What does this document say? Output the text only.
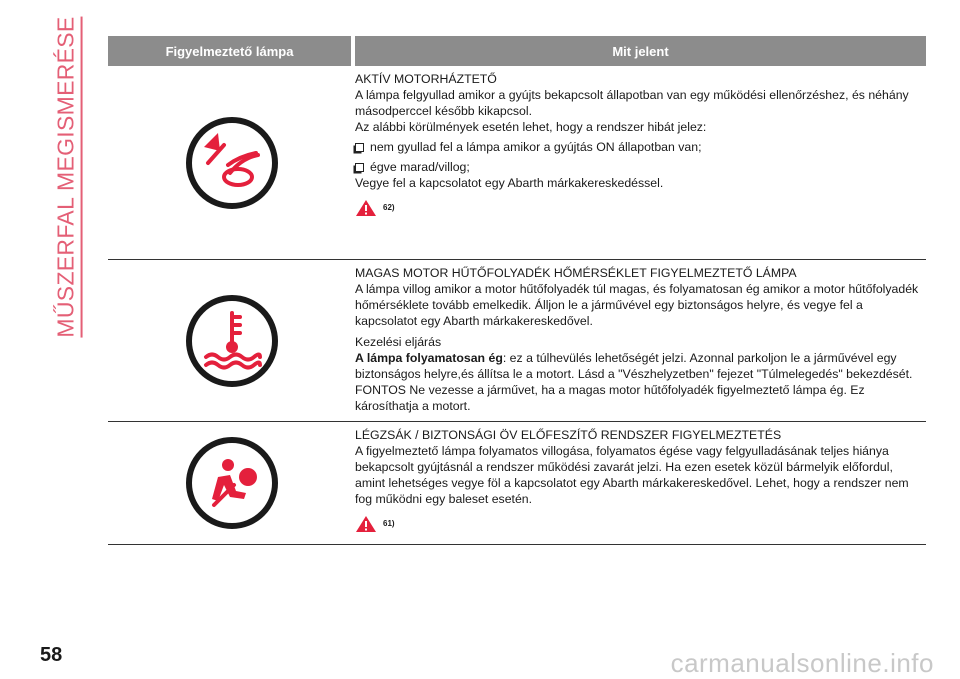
MŰSZERFAL MEGISMERÉSE	Figyelmeztető lámpa	Mit jelent

AKTÍV MOTORHÁZTETŐ

A lámpa felgyullad amikor a gyújts bekapcsolt állapotban van egy működési ellenőrzéshez, és néhány másodperccel később kikapcsol.

Az alábbi körülmények esetén lehet, hogy a rendszer hibát jelez:

nem gyullad fel a lámpa amikor a gyújtás ON állapotban van;

égve marad/villog;

Vegye fel a kapcsolatot egy Abarth márkakereskedéssel.

62)

MAGAS MOTOR HŰTŐFOLYADÉK HŐMÉRSÉKLET FIGYELMEZTETŐ LÁMPA

A lámpa villog amikor a motor hűtőfolyadék túl magas, és folyamatosan ég amikor a motor hűtőfolyadék hőmérséklete tovább emelkedik. Álljon le a járművével egy biztonságos helyre, és vegye fel a kapcsolatot egy Abarth márkakereskedővel.

Kezelési eljárás

A lámpa folyamatosan ég: ez a túlhevülés lehetőségét jelzi. Azonnal parkoljon le a járművével egy biztonságos helyre,és állítsa le a motort. Lásd a "Vészhelyzetben" fejezet "Túlmelegedés" bekezdését.

FONTOS Ne vezesse a járművet, ha a magas motor hűtőfolyadék figyelmeztető lámpa ég. Ez károsíthatja a motort.

LÉGZSÁK / BIZTONSÁGI ÖV ELŐFESZÍTŐ RENDSZER FIGYELMEZTETÉS

A figyelmeztető lámpa folyamatos villogása, folyamatos égése vagy felgyulladásának teljes hiánya bekapcsolt gyújtásnál a rendszer működési zavarát jelzi. Ha ezen esetek közül bármelyik előfordul, amint lehetséges vegye föl a kapcsolatot egy Abarth márkakereskedővel. Lehet, hogy a rendszer nem fog működni egy baleset esetén.

61)
58	carmanualsonline.info
